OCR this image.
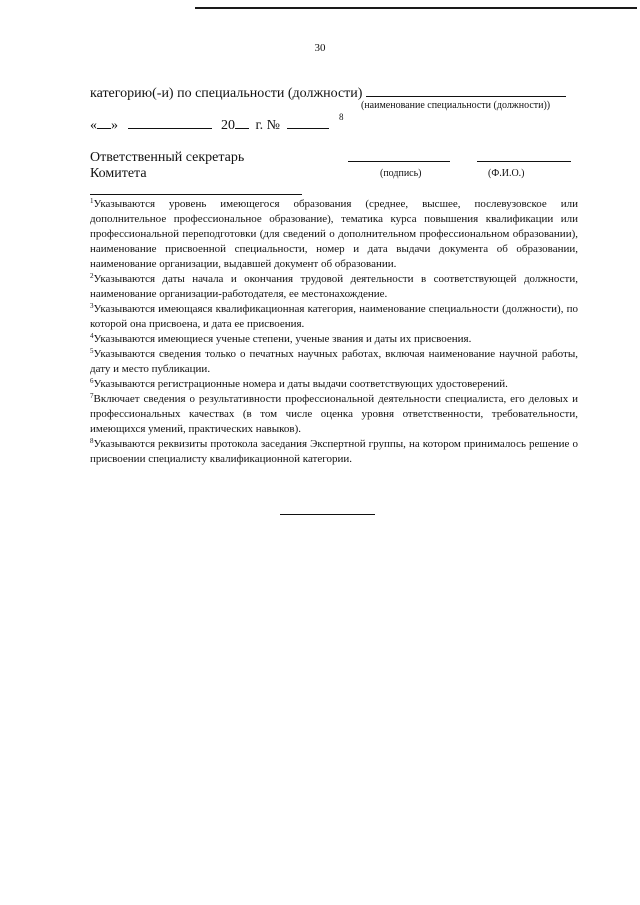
30
категорию(-и) по специальности (должности)
(наименование специальности (должности))
« »	20 г. №
8
Ответственный секретарь
Комитета	(подпись)	(Ф.И.О.)

$^1$Указываются уровень имеющегося образования (среднее, высшее, послевузовское или дополнительное профессиональное образование), тематика курса повышения квалификации или профессиональной переподготовки (для сведений о дополнительном профессиональном образовании), наименование присвоенной специальности, номер и дата выдачи документа об образовании, наименование организации, выдавшей документ об образовании.

$^2$Указываются даты начала и окончания трудовой деятельности в соответствующей должности, наименование организации-работодателя, ее местонахождение.

$^3$Указываются имеющаяся квалификационная категория, наименование специальности (должности), по которой она присвоена, и дата ее присвоения.

$^4$Указываются имеющиеся ученые степени, ученые звания и даты их присвоения.

$^5$Указываются сведения только о печатных научных работах, включая наименование научной работы, дату и место публикации.

$^6$Указываются регистрационные номера и даты выдачи соответствующих удостоверений.

$^7$Включает сведения о результативности профессиональной деятельности специалиста, его деловых и профессиональных качествах (в том числе оценка уровня ответственности, требовательности, имеющихся умений, практических навыков).

$^8$Указываются реквизиты протокола заседания Экспертной группы, на котором принималось решение о присвоении специалисту квалификационной категории.
